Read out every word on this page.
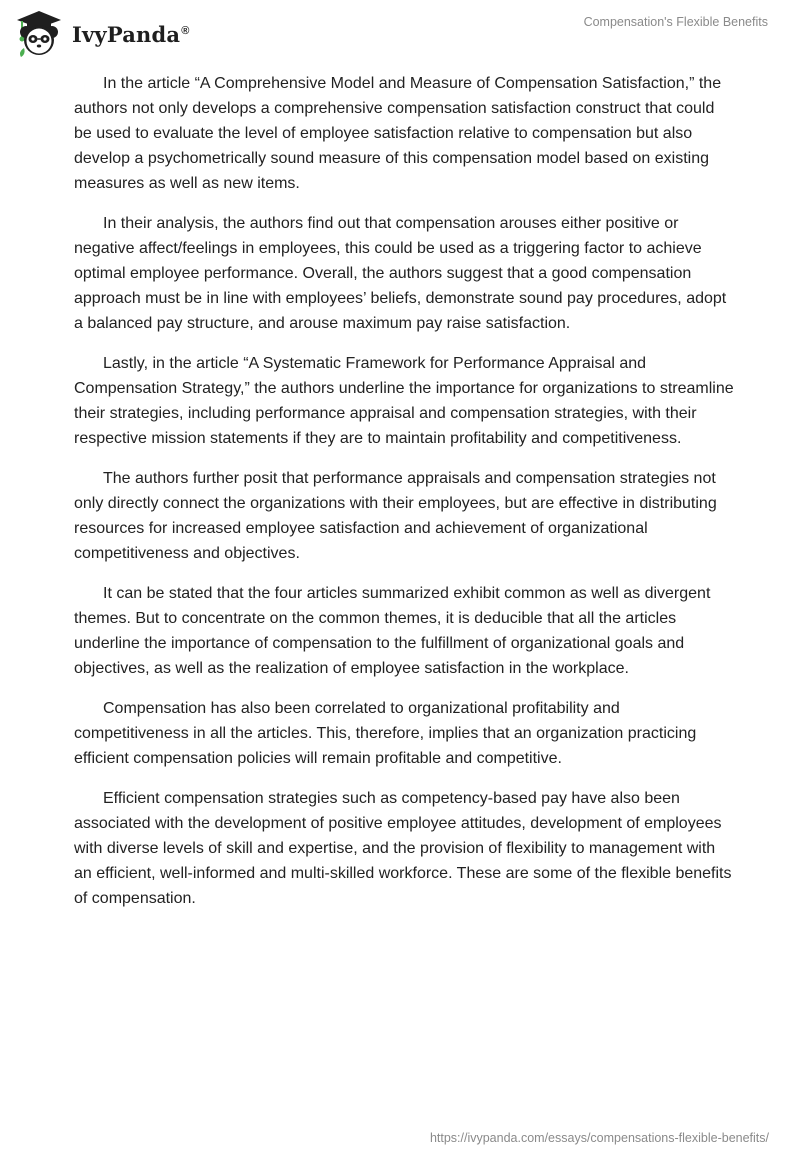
IvyPanda®
Compensation's Flexible Benefits

In the article “A Comprehensive Model and Measure of Compensation Satisfaction,” the authors not only develops a comprehensive compensation satisfaction construct that could be used to evaluate the level of employee satisfaction relative to compensation but also develop a psychometrically sound measure of this compensation model based on existing measures as well as new items.

In their analysis, the authors find out that compensation arouses either positive or negative affect/feelings in employees, this could be used as a triggering factor to achieve optimal employee performance. Overall, the authors suggest that a good compensation approach must be in line with employees’ beliefs, demonstrate sound pay procedures, adopt a balanced pay structure, and arouse maximum pay raise satisfaction.

Lastly, in the article “A Systematic Framework for Performance Appraisal and Compensation Strategy,” the authors underline the importance for organizations to streamline their strategies, including performance appraisal and compensation strategies, with their respective mission statements if they are to maintain profitability and competitiveness.

The authors further posit that performance appraisals and compensation strategies not only directly connect the organizations with their employees, but are effective in distributing resources for increased employee satisfaction and achievement of organizational competitiveness and objectives.

It can be stated that the four articles summarized exhibit common as well as divergent themes. But to concentrate on the common themes, it is deducible that all the articles underline the importance of compensation to the fulfillment of organizational goals and objectives, as well as the realization of employee satisfaction in the workplace.

Compensation has also been correlated to organizational profitability and competitiveness in all the articles. This, therefore, implies that an organization practicing efficient compensation policies will remain profitable and competitive.

Efficient compensation strategies such as competency-based pay have also been associated with the development of positive employee attitudes, development of employees with diverse levels of skill and expertise, and the provision of flexibility to management with an efficient, well-informed and multi-skilled workforce. These are some of the flexible benefits of compensation.

https://ivypanda.com/essays/compensations-flexible-benefits/
